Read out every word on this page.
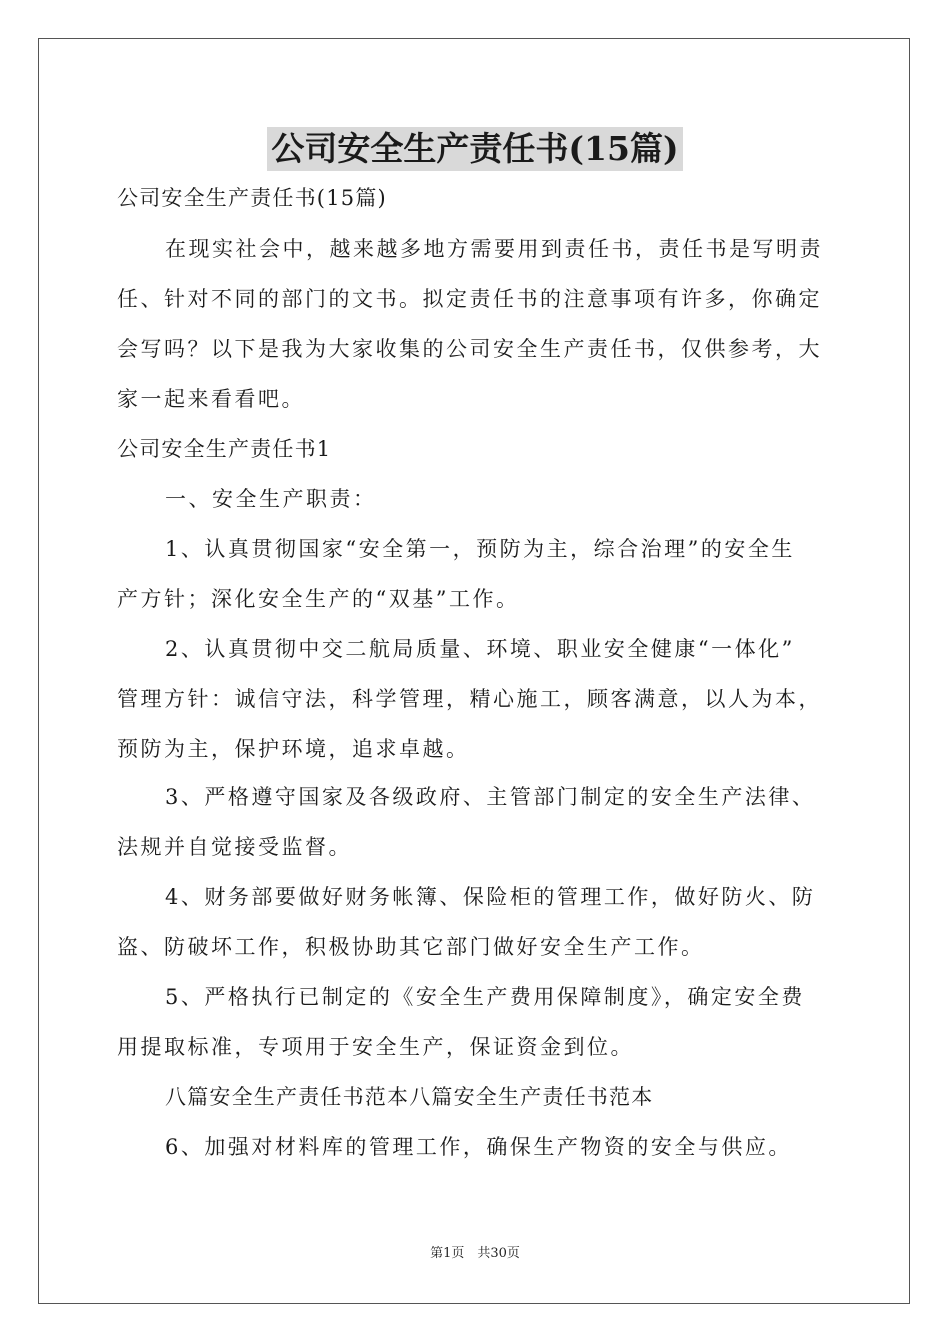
公司安全生产责任书(15篇)
公司安全生产责任书(15篇)
在现实社会中，越来越多地方需要用到责任书，责任书是写明责
任、针对不同的部门的文书。拟定责任书的注意事项有许多，你确定
会写吗？以下是我为大家收集的公司安全生产责任书，仅供参考，大
家一起来看看吧。
公司安全生产责任书1
一、安全生产职责：
1、认真贯彻国家“安全第一，预防为主，综合治理”的安全生
产方针；深化安全生产的“双基”工作。
2、认真贯彻中交二航局质量、环境、职业安全健康“一体化”
管理方针：诚信守法，科学管理，精心施工，顾客满意，以人为本，
预防为主，保护环境，追求卓越。
3、严格遵守国家及各级政府、主管部门制定的安全生产法律、
法规并自觉接受监督。
4、财务部要做好财务帐簿、保险柜的管理工作，做好防火、防
盗、防破坏工作，积极协助其它部门做好安全生产工作。
5、严格执行已制定的《安全生产费用保障制度》，确定安全费
用提取标准，专项用于安全生产，保证资金到位。
八篇安全生产责任书范本八篇安全生产责任书范本
6、加强对材料库的管理工作，确保生产物资的安全与供应。
第1页　共30页
